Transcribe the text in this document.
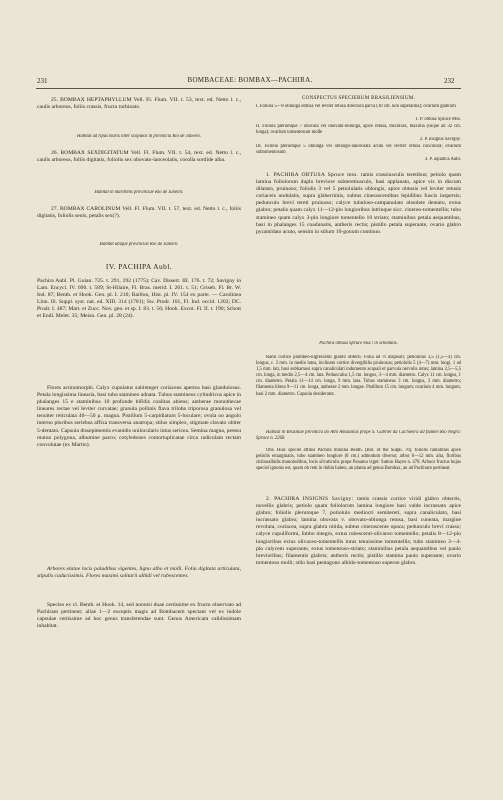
231	BOMBACEAE: BOMBAX—PACHIRA.	232
25. BOMBAX HEPTAPHYLLUM Vell. Fl. Flum. VII. t. 53, text. ed. Netto l. c., caulis arboreus, foliis crassis, fructu turbinato.
Habitat ad ripas maris inter scopulos in provincia Rio de Janeiro.
26. BOMBAX SEXDIGITATUM Vell. Fl. Flum. VII. t. 54, text. ed. Netto l. c., caulis arboreus, foliis digitatis, foliolis sex obovato-lanceolatis, corolla sordide alba.
Habitat in maritimis provinciae Rio de Janeiro.
27. BOMBAX CAROLINUM Vell. Fl. Flum. VII. t. 57, text. ed. Netto l. c., foliis digitatis, foliolis senis, petalis sex(?).
Habitat ubique provinciae Rio de Janeiro.
IV. PACHIPA Aubl.
Pachira Aubl. Pl. Guian. 725. t. 291, 292 (1775); Cav. Dissert. III. 176. t. 72; Savigny in Lam. Encycl. IV. 690. t. 589; St-Hilaire, Fl. Bras. merid. I. 261. t. 51; Griseb. Fl. Br. W. Ind. 87; Benth. et Hook. Gen. pl. I. 210; Baillon, Hist. pl. IV. 154 ex parte. — Carolinea Linn. fil. Suppl. syst. nat. ed. XIII. 314 (1781); Sw. Prodr. 101, Fl. Ind. occid. 1202; DC. Prodr. I. 487; Mart. et Zucc. Nov. gen. et sp. I. 83. t. 56; Hook. Excot. Fl. II. t. 190; Schott et Endl. Melet. 35; Meisn. Gen. pl. 28 (24).
Flores actinomorphi. Calyx cupulatus subinteger coriaceus apertus basi glandulosus. Petala longissima linearia, basi tubo stamineo adnata. Tubus stamineus cylindricus apice in phalanges 15 e staminibus 10 profunde bifidis coalitas abiens; antherae monothecae lineares rectae vel leviter curvatae; granula pollinis flava triloba triporosa granulosa vel tenuiter reticulata 40—50 μ. magna. Pistillum 5-carpidiatum 5-loculare; ovula oo angulo interno pluribus seriebus affixa transversa anatropa; stilus simplex, stigmate clavato obiter 5-dentato. Capsula dissepimentis evanidis unilocularis intus sericea. Semina magna, pressu mutuo polygona, albumine parco; cotyledones contortuplicatae circa radiculam rectam convolutae (ex Martio).
Arbores elatae locis paludibus vigentes, ligno albo et molli. Folia digitata articulata, stipulis caducissimis. Flores maximi solitarii albidi vel rubescentes.
Species ex cl. Benth. et Hook. 14, sed nonnisi duae certissime ex fructu observato ad Pachiram pertinent; aliae 1—2 exceptis magis ad Bombacem spectant vel ex indole capsulae certissime ad hoc genus transferendae sunt. Genus Americam calidissimam inhabitat.
CONSPECTUS SPECIERUM BRASILIENSIUM.
I. Foliola 5—8 oblonga obtusa vel leviter retusa directora parva (10 cm. non superantia); ovarium glabrum
1. P. obtusa Spruce Mss.
II. Foliola plerumque 7 obovata vel obovato-oblonga, apice retusa, discolora, maxima (usque ad 32 cm. longa); ovarium tomentosum molle
2. P. insignis Savigny.
III. Foliola plerumque 5 oblonga vel oblongo-lanceolata acuta vel leviter retusa concolora; ovarium subtomentosum
3. P. aquatica Aubl.
1. PACHIRA OBTUSA Spruce mss. ramis crassiusculis teretibus; petiolo quam lamina foliolorum duplo breviore subteretiusculo, basi applanato, apice vix in discum dilatato, pruinoso; foliolis 3 vel 5 petiolulatis oblongis, apice obtusis vel leviter retusis coriaceis undulatis, supra glaberrimis, subtus cinerascentibus lepidibus fuscis inspersis; pedunculo brevi tereti pruinoso; calyce tubuloso-campanulato obsolete dentato, extus glabro; petalis quam calyx 11—12-plo longioribus intrinque sicc. cinereo-tomentellis; tubo stamineo quam calyx 3-plo longiore tomentello 10 striato; staminibus petala aequantibus, basi in phalanges 15 coadunatis, antheris rectis; pistillo petala superante, ovario glabro pyramidato acuto, sensim in stilum 10-gonum continuo.
Pachira obtusa Spruce mss.! in schedulis.
Rami cortice plumbeo-nigrescenti glabro obtecti. Folia ad ⅔ dispositi; petiolulus 3,5 (1,5—4) cm. longus, c. 2 mm. in medio latus, inclinato cortice divergibilis pruinosus; petiolulis 5 (4—7) mm. longi, 1 ad 1,5 mm. lati, basi subhamosi supra canaliculati indumento acquali et parvula nervulis intus; lamina 2,5—5,5 cm. longa, in medio 2,5—4 cm. lata. Pedunculus 1,5 cm. longus, 3—4 mm. diametro. Calyx 11 cm. longus, 1 cm. diametro. Petala 11—14 cm. longa, 9 mm. lata. Tubus stamineus 3 cm. longus, 3 mm. diametro; filamenta libera 9—11 cm. longa, antherae 2 mm. longae. Pistillum 15 cm. longum; ovarium 4 mm. longum, basi 2 mm. diametro. Capsula desideratur.
Habitat in Brasiliae provincia do Alto Amazonas prope S. Gabriel da Cachoeira ad flumen Rio Negro: Spruce n. 2260.
Obs. Huic speciei affinis Pachira minolia Benth. (Bot. of the Sulph. 76), foliolis ramolibus apice petiolis emarginatis, tubo stamineo longiore (8 cm.) admodum diverso; arbor 6—12 mm. alta, floribus citrinoalbidis monobolibus, locis silvaticolis prope Panama viget: Sutton Hayes n. 478. Arbuor fructus hujus speciei ignotus est, quam ob rem in dubio habeo, an planta ad genus Bombax, an ad Pachiram pertineat.
2. PACHIRA INSIGNIS Savigny: ramis crassis cortice viridi glabro obtectis, novellis glabris; petiolo quam foliolorum lamina longiore basi valde incrassato apice glabro; foliolis plerumque 7, potiolulo mediocri semitereti, supra canaliculato, basi incrassato glabro; lamina obovata v. obovato-oblonga retusa, basi cuneata, margine revoluta, coriacea, supra glabra nitida, subtus cinerascente opaca; pedunculo brevi crasso; calyce cupuliformi, limbo integro, extus rubescenti-olivaceo tomentello; petalis 8—12-plo longioribus extus olivaceo-tomentellis intus tenuissime tomentellis; tubo stamineo 3—4-plo calycem superante, extus tomentoso-striato; staminibus petala aequantibus vel paulo brevioribus; filamentis glabris; antheris rectis; pistillo stamina paulo superante; ovario tomentoso molli; stilo basi pentagono albido-tomentoso superne glabro.
